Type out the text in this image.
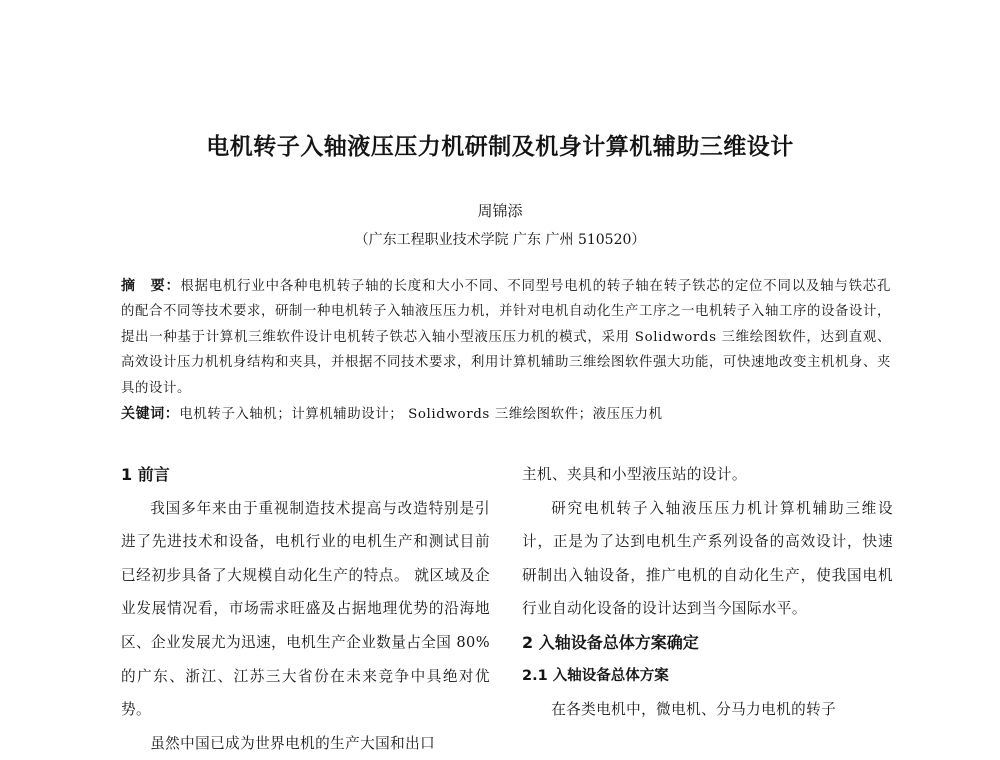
电机转子入轴液压压力机研制及机身计算机辅助三维设计
周锦添
（广东工程职业技术学院 广东 广州 510520）
摘　要：根据电机行业中各种电机转子轴的长度和大小不同、不同型号电机的转子轴在转子铁芯的定位不同以及轴与铁芯孔的配合不同等技术要求，研制一种电机转子入轴液压压力机，并针对电机自动化生产工序之一电机转子入轴工序的设备设计，提出一种基于计算机三维软件设计电机转子铁芯入轴小型液压压力机的模式，采用 Solidwords 三维绘图软件，达到直观、高效设计压力机机身结构和夹具，并根据不同技术要求，利用计算机辅助三维绘图软件强大功能，可快速地改变主机机身、夹具的设计。
关键词：电机转子入轴机；计算机辅助设计； Solidwords 三维绘图软件；液压压力机
1 前言

我国多年来由于重视制造技术提高与改造特别是引进了先进技术和设备，电机行业的电机生产和测试目前已经初步具备了大规模自动化生产的特点。 就区域及企业发展情况看，市场需求旺盛及占据地理优势的沿海地区、企业发展尤为迅速，电机生产企业数量占全国 80%的广东、浙江、江苏三大省份在未来竞争中具绝对优势。

虽然中国已成为世界电机的生产大国和出口

主机、夹具和小型液压站的设计。

研究电机转子入轴液压压力机计算机辅助三维设计，正是为了达到电机生产系列设备的高效设计，快速研制出入轴设备，推广电机的自动化生产，使我国电机行业自动化设备的设计达到当今国际水平。

2 入轴设备总体方案确定
2.1 入轴设备总体方案

在各类电机中，微电机、分马力电机的转子
